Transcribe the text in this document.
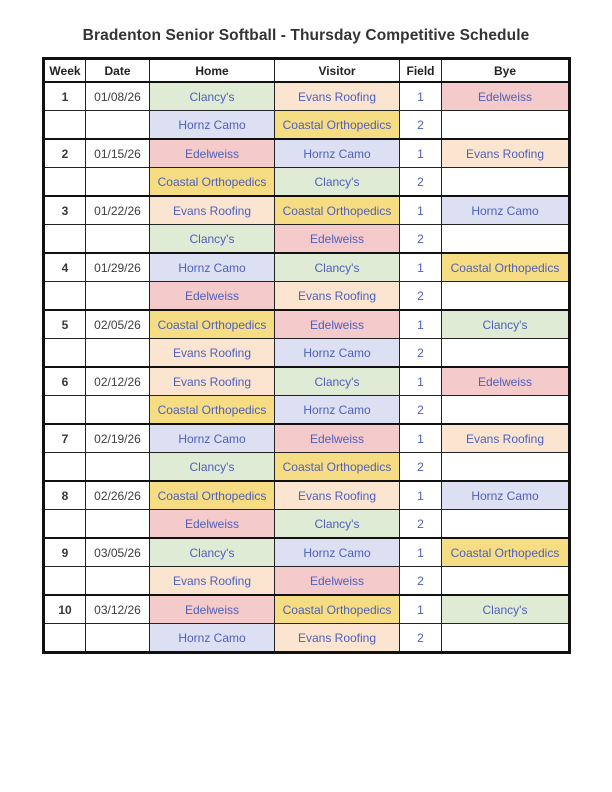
Bradenton Senior Softball - Thursday Competitive Schedule
Week	Date	Home	Visitor	Field	Bye
1	01/08/26	Clancy's	Evans Roofing	1	Edelweiss
		Hornz Camo	Coastal Orthopedics	2	
2	01/15/26	Edelweiss	Hornz Camo	1	Evans Roofing
		Coastal Orthopedics	Clancy's	2	
3	01/22/26	Evans Roofing	Coastal Orthopedics	1	Hornz Camo
		Clancy's	Edelweiss	2	
4	01/29/26	Hornz Camo	Clancy's	1	Coastal Orthopedics
		Edelweiss	Evans Roofing	2	
5	02/05/26	Coastal Orthopedics	Edelweiss	1	Clancy's
		Evans Roofing	Hornz Camo	2	
6	02/12/26	Evans Roofing	Clancy's	1	Edelweiss
		Coastal Orthopedics	Hornz Camo	2	
7	02/19/26	Hornz Camo	Edelweiss	1	Evans Roofing
		Clancy's	Coastal Orthopedics	2	
8	02/26/26	Coastal Orthopedics	Evans Roofing	1	Hornz Camo
		Edelweiss	Clancy's	2	
9	03/05/26	Clancy's	Hornz Camo	1	Coastal Orthopedics
		Evans Roofing	Edelweiss	2	
10	03/12/26	Edelweiss	Coastal Orthopedics	1	Clancy's
		Hornz Camo	Evans Roofing	2	
